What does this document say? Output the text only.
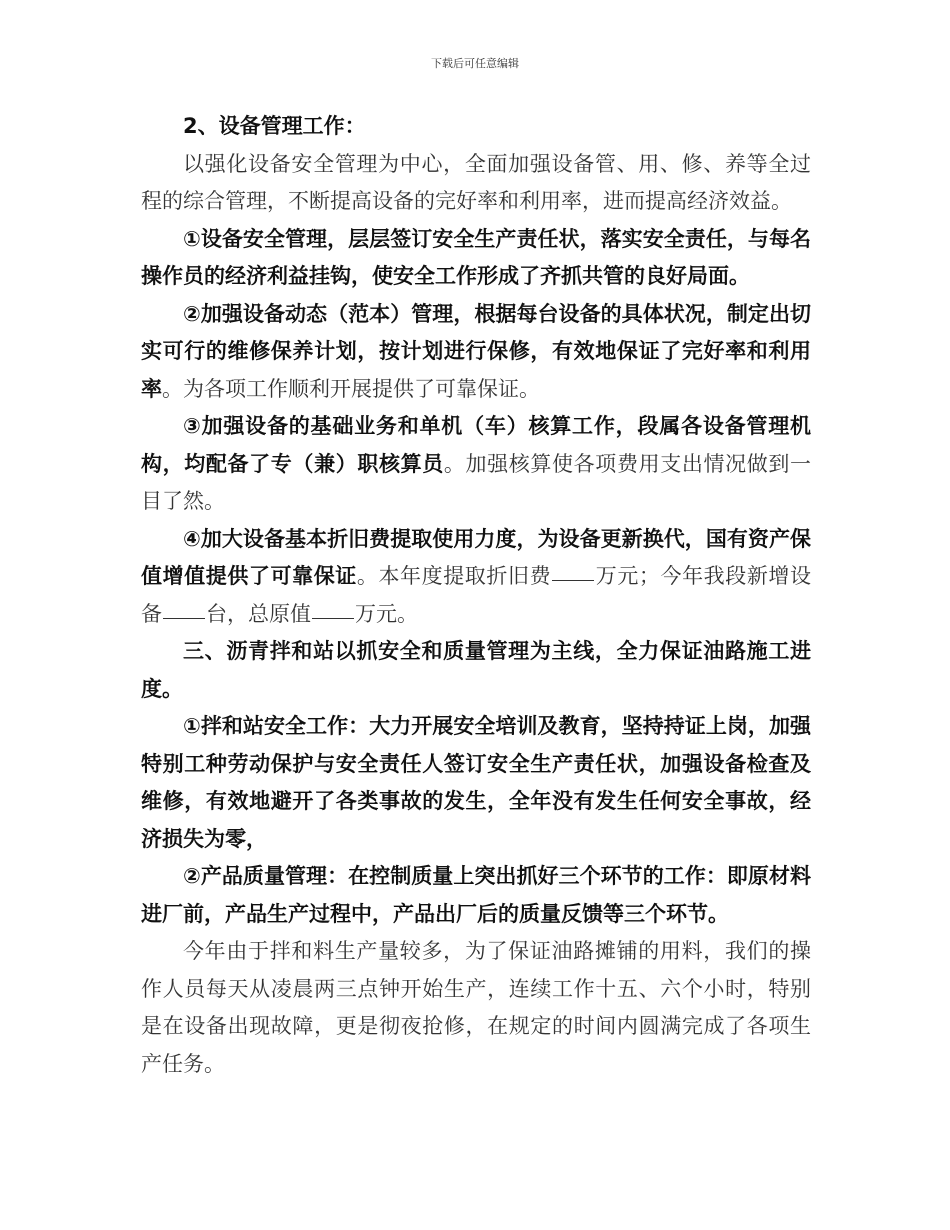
下载后可任意编辑

2、设备管理工作：

以强化设备安全管理为中心，全面加强设备管、用、修、养等全过程的综合管理，不断提高设备的完好率和利用率，进而提高经济效益。

①设备安全管理，层层签订安全生产责任状，落实安全责任，与每名操作员的经济利益挂钩，使安全工作形成了齐抓共管的良好局面。

②加强设备动态（范本）管理，根据每台设备的具体状况，制定出切实可行的维修保养计划，按计划进行保修，有效地保证了完好率和利用率。为各项工作顺利开展提供了可靠保证。

③加强设备的基础业务和单机（车）核算工作，段属各设备管理机构，均配备了专（兼）职核算员。加强核算使各项费用支出情况做到一目了然。

④加大设备基本折旧费提取使用力度，为设备更新换代，国有资产保值增值提供了可靠保证。本年度提取折旧费 万元；今年我段新增设备 台，总原值 万元。

三、沥青拌和站以抓安全和质量管理为主线，全力保证油路施工进度。

①拌和站安全工作：大力开展安全培训及教育，坚持持证上岗，加强特别工种劳动保护与安全责任人签订安全生产责任状，加强设备检查及维修，有效地避开了各类事故的发生，全年没有发生任何安全事故，经济损失为零，

②产品质量管理：在控制质量上突出抓好三个环节的工作：即原材料进厂前，产品生产过程中，产品出厂后的质量反馈等三个环节。

今年由于拌和料生产量较多，为了保证油路摊铺的用料，我们的操作人员每天从凌晨两三点钟开始生产，连续工作十五、六个小时，特别是在设备出现故障，更是彻夜抢修，在规定的时间内圆满完成了各项生产任务。
